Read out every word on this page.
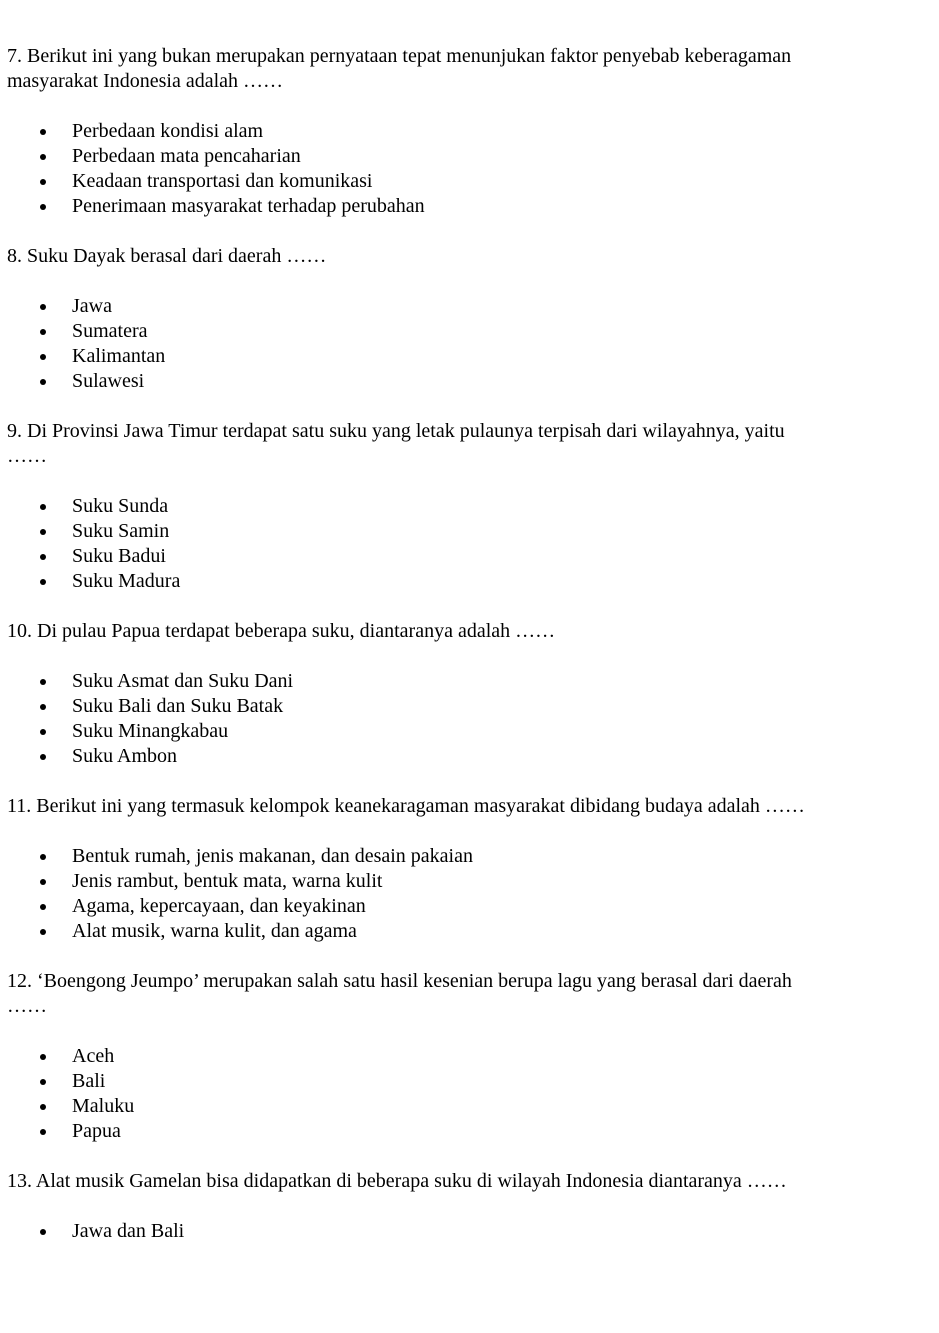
7. Berikut ini yang bukan merupakan pernyataan tepat menunjukan faktor penyebab keberagaman masyarakat Indonesia adalah ……

Perbedaan kondisi alam
Perbedaan mata pencaharian
Keadaan transportasi dan komunikasi
Penerimaan masyarakat terhadap perubahan

8. Suku Dayak berasal dari daerah ……

Jawa
Sumatera
Kalimantan
Sulawesi

9. Di Provinsi Jawa Timur terdapat satu suku yang letak pulaunya terpisah dari wilayahnya, yaitu ……

Suku Sunda
Suku Samin
Suku Badui
Suku Madura

10. Di pulau Papua terdapat beberapa suku, diantaranya adalah ……

Suku Asmat dan Suku Dani
Suku Bali dan Suku Batak
Suku Minangkabau
Suku Ambon

11. Berikut ini yang termasuk kelompok keanekaragaman masyarakat dibidang budaya adalah ……

Bentuk rumah, jenis makanan, dan desain pakaian
Jenis rambut, bentuk mata, warna kulit
Agama, kepercayaan, dan keyakinan
Alat musik, warna kulit, dan agama

12. ‘Boengong Jeumpo’ merupakan salah satu hasil kesenian berupa lagu yang berasal dari daerah ……

Aceh
Bali
Maluku
Papua

13. Alat musik Gamelan bisa didapatkan di beberapa suku di wilayah Indonesia diantaranya ……

Jawa dan Bali
